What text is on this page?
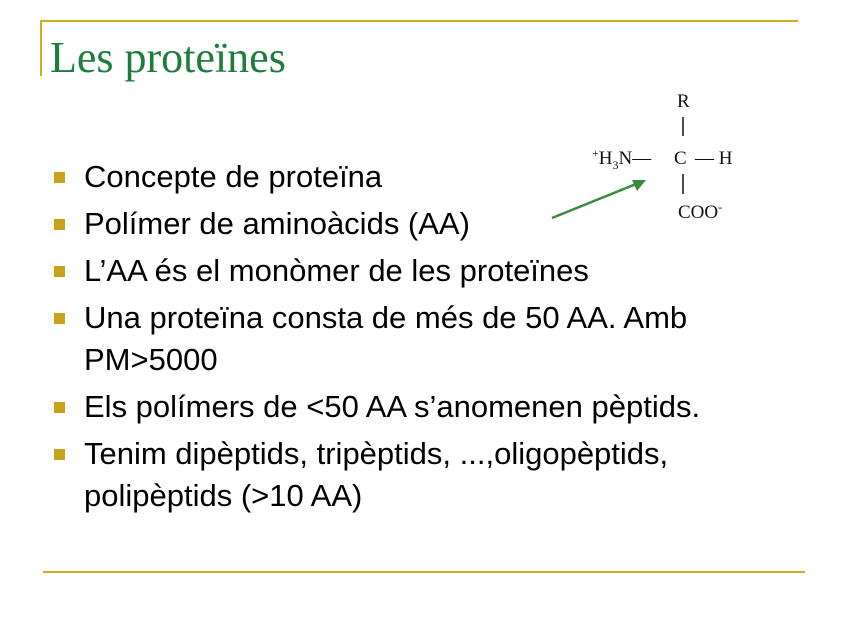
Les proteïnes
R
$^+H_3N—$ C — H
COO-
Concepte de proteïna
Polímer de aminoàcids (AA)
L’AA és el monòmer de les proteïnes
Una proteïna consta de més de 50 AA. Amb PM>5000
Els polímers de <50 AA s’anomenen pèptids.
Tenim dipèptids, tripèptids, ...,oligopèptids, polipèptids (>10 AA)
